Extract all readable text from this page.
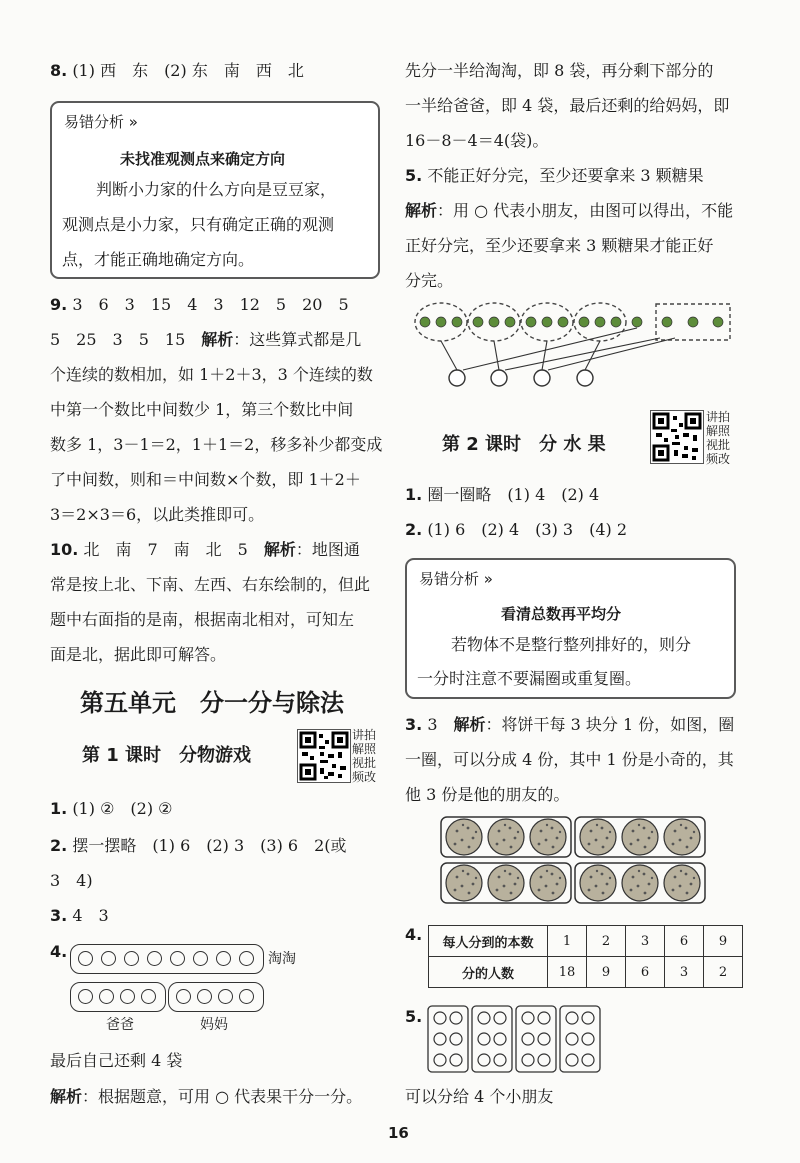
8. (1) 西　东　(2) 东　南　西　北

易错分析 »
未找准观测点来确定方向
判断小力家的什么方向是豆豆家，
观测点是小力家，只有确定正确的观测
点，才能正确地确定方向。

9. 3　6　3　15　4　3　12　5　20　5

5　25　3　5　15　 解析：这些算式都是几

个连续的数相加，如 1＋2＋3，3 个连续的数

中第一个数比中间数少 1，第三个数比中间

数多 1，3－1＝2，1＋1＝2，移多补少都变成

了中间数，则和＝中间数×个数，即 1＋2＋

3＝2×3＝6，以此类推即可。

10. 北　南　7　南　北　5　 解析：地图通

常是按上北、下南、左西、右东绘制的，但此

题中右面指的是南，根据南北相对，可知左

面是北，据此即可解答。

第五单元　分一分与除法
第 1 课时　分物游戏
讲拍解照视批频改

1. (1) ②　(2) ②

2. 摆一摆略　(1) 6　(2) 3　(3) 6　2(或

3　4)

3. 4　3

4.	淘淘
爸爸	妈妈

最后自己还剩 4 袋

解析：根据题意，可用 ○ 代表果干分一分。

先分一半给淘淘，即 8 袋，再分剩下部分的

一半给爸爸，即 4 袋，最后还剩的给妈妈，即

16－8－4＝4(袋)。

5. 不能正好分完，至少还要拿来 3 颗糖果

解析：用 ○ 代表小朋友，由图可以得出，不能

正好分完，至少还要拿来 3 颗糖果才能正好

分完。

第 2 课时　分 水 果
讲拍解照视批频改

1. 圈一圈略　(1) 4　(2) 4

2. (1) 6　(2) 4　(3) 3　(4) 2

易错分析 »
看清总数再平均分
若物体不是整行整列排好的，则分
一分时注意不要漏圈或重复圈。

3. 3　 解析：将饼干每 3 块分 1 份，如图，圈

一圈，可以分成 4 份，其中 1 份是小奇的，其

他 3 份是他的朋友的。

4. 每人分到的本数	1	2	3	6	9
分的人数	18	9	6	3	2

5.

可以分给 4 个小朋友

16
